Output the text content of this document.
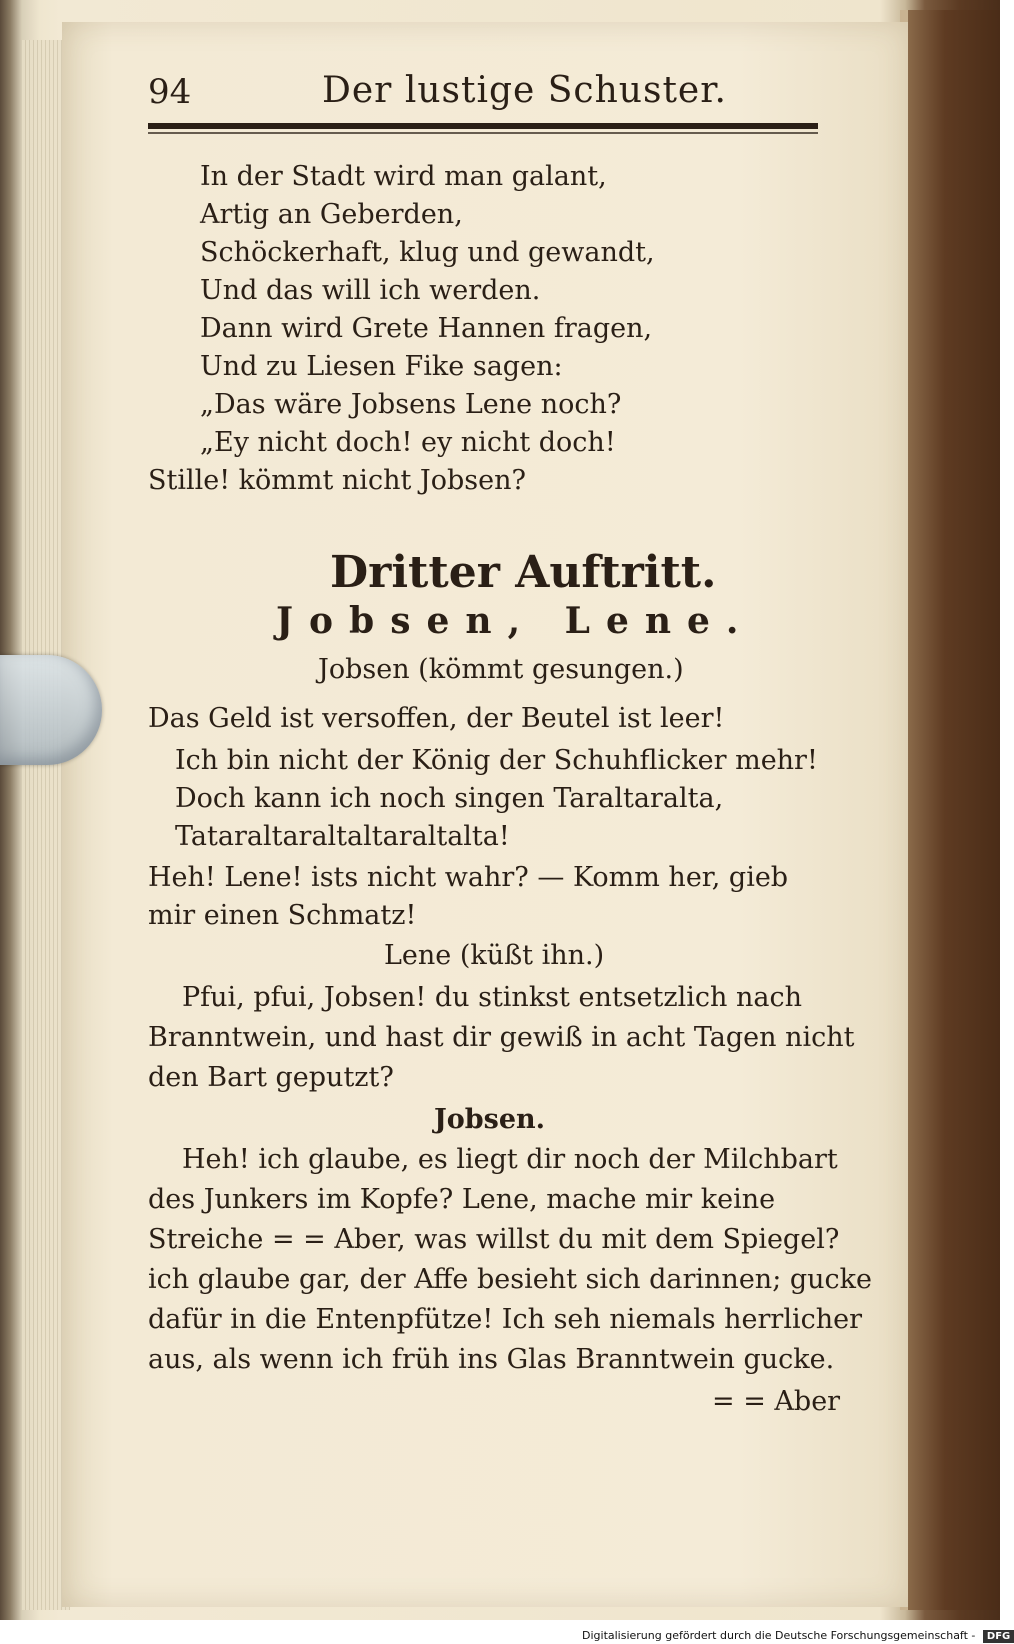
94	Der lustige Schuster.
In der Stadt wird man galant,
Artig an Geberden,
Schöckerhaft, klug und gewandt,
Und das will ich werden.
Dann wird Grete Hannen fragen,
Und zu Liesen Fike sagen:
„Das wäre Jobsens Lene noch?
„Ey nicht doch! ey nicht doch!
Stille! kömmt nicht Jobsen?
Dritter Auftritt.
Jobsen, Lene.
Jobsen (kömmt gesungen.)
Das Geld ist versoffen, der Beutel ist leer!
Ich bin nicht der König der Schuhflicker mehr!
Doch kann ich noch singen Taraltaralta,
Tataraltaraltaltaraltalta!
Heh! Lene! ists nicht wahr? — Komm her, gieb
mir einen Schmatz!
Lene (küßt ihn.)
Pfui, pfui, Jobsen! du stinkst entsetzlich nach
Branntwein, und hast dir gewiß in acht Tagen nicht
den Bart geputzt?
Jobsen.
Heh! ich glaube, es liegt dir noch der Milchbart
des Junkers im Kopfe? Lene, mache mir keine
Streiche = = Aber, was willst du mit dem Spiegel?
ich glaube gar, der Affe besieht sich darinnen; gucke
dafür in die Entenpfütze! Ich seh niemals herrlicher
aus, als wenn ich früh ins Glas Branntwein gucke.
= = Aber
Digitalisierung gefördert durch die Deutsche Forschungsgemeinschaft - DFG
